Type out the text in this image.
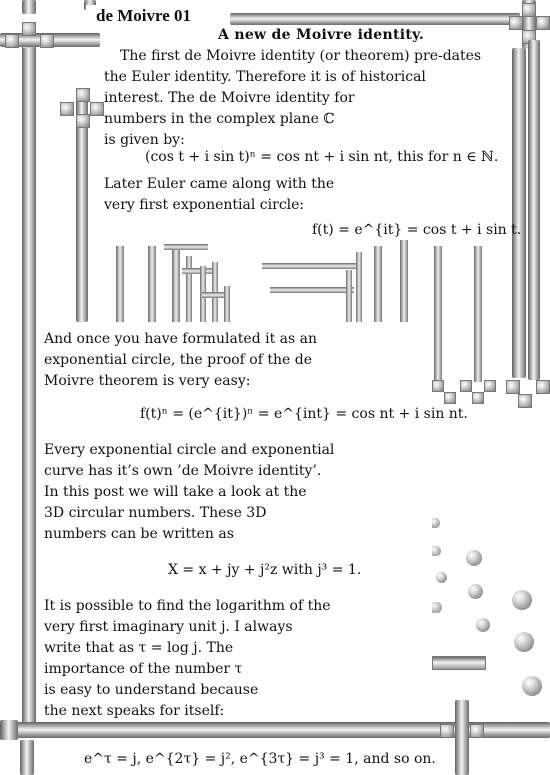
de Moivre 01
A new de Moivre identity.
The first de Moivre identity (or theorem) pre-dates
the Euler identity. Therefore it is of historical
interest. The de Moivre identity for
numbers in the complex plane ℂ
is given by:
(cos t + i sin t)ⁿ = cos nt + i sin nt, this for n ∈ ℕ.
Later Euler came along with the
very first exponential circle:
f(t) = e^{it} = cos t + i sin t.
And once you have formulated it as an
exponential circle, the proof of the de
Moivre theorem is very easy:
f(t)ⁿ = (e^{it})ⁿ = e^{int} = cos nt + i sin nt.
Every exponential circle and exponential
curve has it’s own ’de Moivre identity’.
In this post we will take a look at the
3D circular numbers. These 3D
numbers can be written as
X = x + jy + j²z with j³ = 1.
It is possible to find the logarithm of the
very first imaginary unit j. I always
write that as τ = log j. The
importance of the number τ
is easy to understand because
the next speaks for itself:
e^τ = j, e^{2τ} = j², e^{3τ} = j³ = 1, and so on.
